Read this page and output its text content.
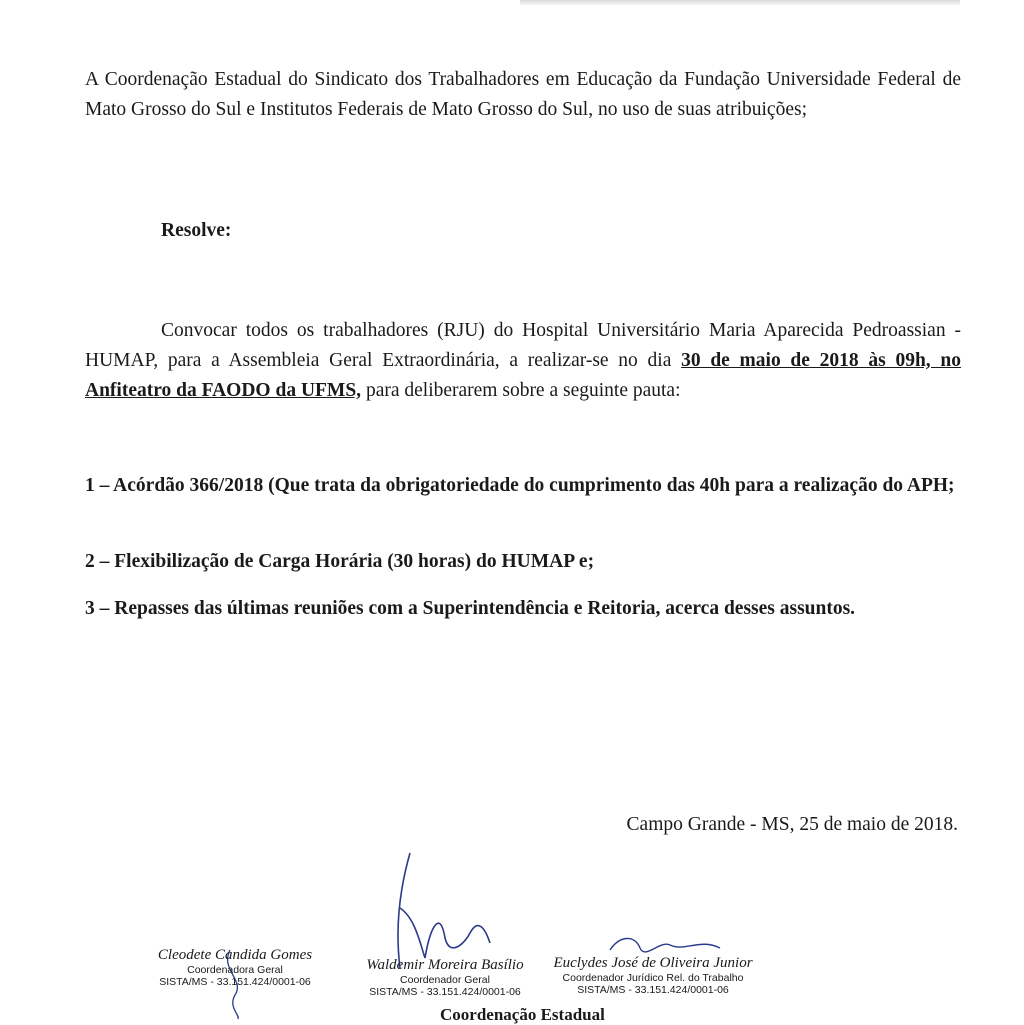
A Coordenação Estadual do Sindicato dos Trabalhadores em Educação da Fundação Universidade Federal de Mato Grosso do Sul e Institutos Federais de Mato Grosso do Sul, no uso de suas atribuições;

Resolve:

Convocar todos os trabalhadores (RJU) do Hospital Universitário Maria Aparecida Pedroassian - HUMAP, para a Assembleia Geral Extraordinária, a realizar-se no dia 30 de maio de 2018 às 09h, no Anfiteatro da FAODO da UFMS, para deliberarem sobre a seguinte pauta:

1 – Acórdão 366/2018 (Que trata da obrigatoriedade do cumprimento das 40h para a realização do APH;

2 – Flexibilização de Carga Horária (30 horas) do HUMAP e;

3 – Repasses das últimas reuniões com a Superintendência e Reitoria, acerca desses assuntos.

Campo Grande - MS, 25 de maio de 2018.
Cleodete Candida Gomes
Coordenadora Geral
SISTA/MS - 33.151.424/0001-06
Waldemir Moreira Basílio
Coordenador Geral
SISTA/MS - 33.151.424/0001-06
Euclydes José de Oliveira Junior
Coordenador Jurídico Rel. do Trabalho
SISTA/MS - 33.151.424/0001-06
Coordenação Estadual
